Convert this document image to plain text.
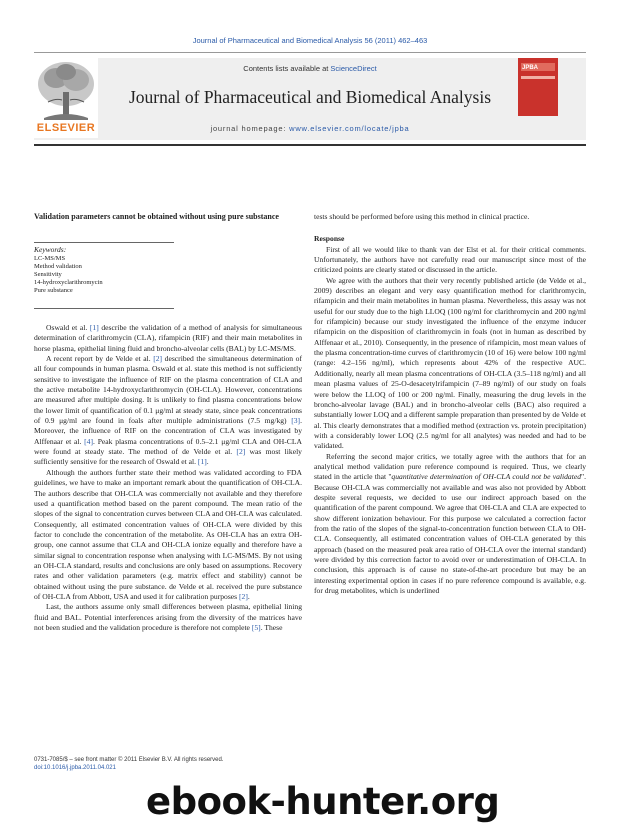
Journal of Pharmaceutical and Biomedical Analysis 56 (2011) 462–463
ELSEVIER
Contents lists available at ScienceDirect
Journal of Pharmaceutical and Biomedical Analysis
journal homepage: www.elsevier.com/locate/jpba
JPBA
Validation parameters cannot be obtained without using pure substance
Keywords:
LC-MS/MS
Method validation
Sensitivity
14-hydroxyclarithromycin
Pure substance

Oswald et al. [1] describe the validation of a method of analysis for simultaneous determination of clarithromycin (CLA), rifampicin (RIF) and their main metabolites in horse plasma, epithelial lining fluid and broncho-alveolar cells (BAL) by LC-MS/MS.

A recent report by de Velde et al. [2] described the simultaneous determination of all four compounds in human plasma. Oswald et al. state this method is not sufficiently sensitive to investigate the influence of RIF on the plasma concentration of CLA and the active metabolite 14-hydroxyclarithromycin (OH-CLA). However, concentrations are measured after multiple dosing. It is unlikely to find plasma concentrations below the lower limit of quantification of 0.1 μg/ml at steady state, since peak concentrations of 0.9 μg/ml are found in foals after multiple administrations (7.5 mg/kg) [3]. Moreover, the influence of RIF on the concentration of CLA was investigated by Alffenaar et al. [4]. Peak plasma concentrations of 0.5–2.1 μg/ml CLA and OH-CLA were found at steady state. The method of de Velde et al. [2] was most likely sufficiently sensitive for the research of Oswald et al. [1].

Although the authors further state their method was validated according to FDA guidelines, we have to make an important remark about the quantification of OH-CLA. The authors describe that OH-CLA was commercially not available and they therefore used a quantification method based on the parent compound. The mean ratio of the slopes of the signal to concentration curves between CLA and OH-CLA was calculated. Consequently, all estimated concentration values of OH-CLA were divided by this factor to conclude the concentration of the metabolite. As OH-CLA has an extra OH-group, one cannot assume that CLA and OH-CLA ionize equally and therefore have a similar signal to concentration response when analysing with LC-MS/MS. By not using an OH-CLA standard, results and conclusions are only based on assumptions. Recovery rates and other validation parameters (e.g. matrix effect and stability) cannot be obtained without using the pure substance. de Velde et al. received the pure substance of OH-CLA from Abbott, USA and used it for calibration purposes [2].

Last, the authors assume only small differences between plasma, epithelial lining fluid and BAL. Potential interferences arising from the diversity of the matrices have not been studied and the validation procedure is therefore not complete [5]. These

tests should be performed before using this method in clinical practice.

Response

First of all we would like to thank van der Elst et al. for their critical comments. Unfortunately, the authors have not carefully read our manuscript since most of the criticized points are clearly stated or discussed in the article.

We agree with the authors that their very recently published article (de Velde et al., 2009) describes an elegant and very easy quantification method for clarithromycin, rifampicin and their main metabolites in human plasma. Nevertheless, this assay was not useful for our study due to the high LLOQ (100 ng/ml for clarithromycin and 200 ng/ml for rifampicin) because our study investigated the influence of the enzyme inducer rifampicin on the disposition of clarithromycin in foals (not in human as described by Alffenaar et al., 2010). Consequently, in the presence of rifampicin, most mean values of the plasma concentration-time curves of clarithromycin (10 of 16) were below 100 ng/ml (range: 4.2–156 ng/ml), which represents about 42% of the respective AUC. Additionally, nearly all mean plasma concentrations of OH-CLA (3.5–118 ng/ml) and all mean plasma values of 25-O-desacetylrifampicin (7–89 ng/ml) of our study on foals were below the LLOQ of 100 or 200 ng/ml. Finally, measuring the drug levels in the broncho-alveolar lavage (BAL) and in broncho-alveolar cells (BAC) also required a substantially lower LOQ and a different sample preparation than presented by de Velde et al. This clearly demonstrates that a modified method (extraction vs. protein precipitation) with a considerably lower LOQ (2.5 ng/ml for all analytes) was needed and had to be validated.

Referring the second major critics, we totally agree with the authors that for an analytical method validation pure reference compound is required. Thus, we clearly stated in the article that "quantitative determination of OH-CLA could not be validated". Because OH-CLA was commercially not available and was also not provided by Abbott despite several requests, we decided to use our indirect approach based on the quantification of the parent compound. We agree that OH-CLA and CLA are expected to show different ionization behaviour. For this purpose we calculated a correction factor from the ratio of the slopes of the signal-to-concentration function between CLA to OH-CLA. Consequently, all estimated concentration values of OH-CLA generated by this approach (based on the measured peak area ratio of OH-CLA over the internal standard) were divided by this correction factor to avoid over or underestimation of OH-CLA. In conclusion, this approach is of cause no state-of-the-art procedure but may be an interesting experimental option in cases if no pure reference compound is available, e.g. for drug metabolites, which is underlined

0731-7085/$ – see front matter © 2011 Elsevier B.V. All rights reserved.
doi:10.1016/j.jpba.2011.04.021
ebook-hunter.org
